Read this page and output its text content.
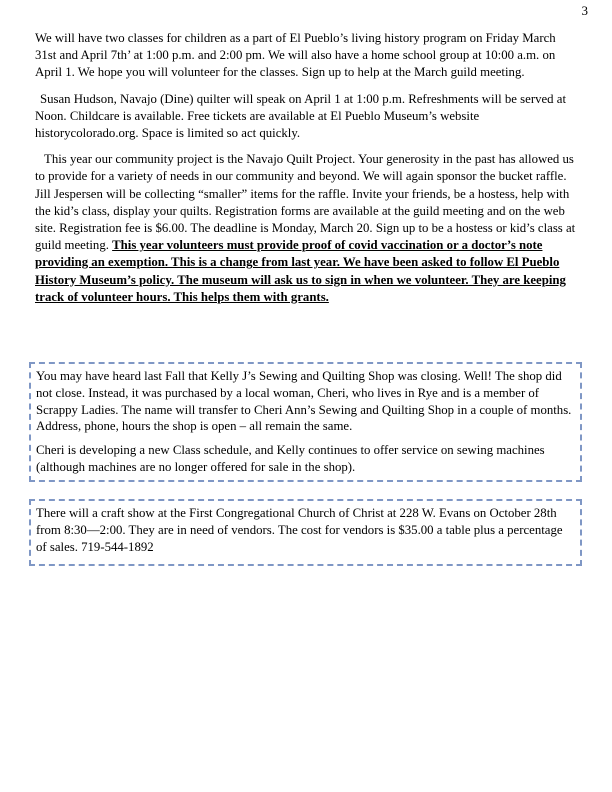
3

We will have two classes for children as a part of El Pueblo’s living history program on Friday March 31st and April 7th’ at 1:00 p.m. and 2:00 pm. We will also have a home school group at 10:00 a.m. on April 1. We hope you will volunteer for the classes. Sign up to help at the March guild meeting.

Susan Hudson, Navajo (Dine) quilter will speak on April 1 at 1:00 p.m. Refreshments will be served at Noon. Childcare is available. Free tickets are available at El Pueblo Museum’s website historycolorado.org. Space is limited so act quickly.

This year our community project is the Navajo Quilt Project. Your generosity in the past has allowed us to provide for a variety of needs in our community and beyond. We will again sponsor the bucket raffle. Jill Jespersen will be collecting “smaller” items for the raffle. Invite your friends, be a hostess, help with the kid’s class, display your quilts. Registration forms are available at the guild meeting and on the web site. Registration fee is $6.00. The deadline is Monday, March 20. Sign up to be a hostess or kid’s class at guild meeting. This year volunteers must provide proof of covid vaccination or a doctor’s note providing an exemption. This is a change from last year. We have been asked to follow El Pueblo History Museum’s policy. The museum will ask us to sign in when we volunteer. They are keeping track of volunteer hours. This helps them with grants.

You may have heard last Fall that Kelly J’s Sewing and Quilting Shop was closing. Well! The shop did not close. Instead, it was purchased by a local woman, Cheri, who lives in Rye and is a member of Scrappy Ladies. The name will transfer to Cheri Ann’s Sewing and Quilting Shop in a couple of months. Address, phone, hours the shop is open – all remain the same.

Cheri is developing a new Class schedule, and Kelly continues to offer service on sewing machines (although machines are no longer offered for sale in the shop).

There will a craft show at the First Congregational Church of Christ at 228 W. Evans on October 28th from 8:30—2:00. They are in need of vendors. The cost for vendors is $35.00 a table plus a percentage of sales. 719-544-1892
